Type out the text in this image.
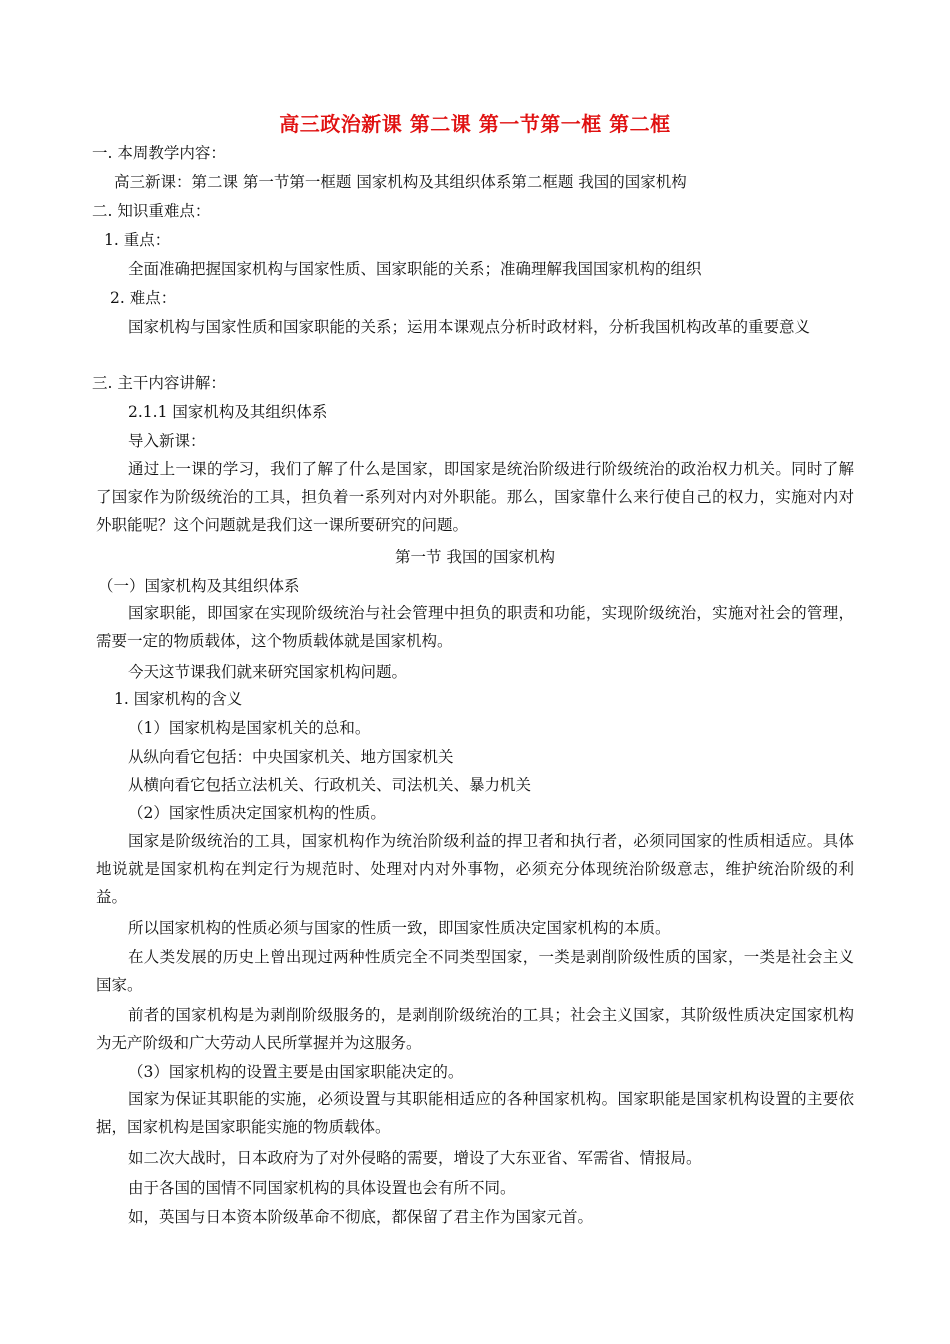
高三政治新课 第二课 第一节第一框 第二框
一. 本周教学内容：
高三新课：第二课 第一节第一框题 国家机构及其组织体系第二框题 我国的国家机构
二. 知识重难点：
1. 重点：
全面准确把握国家机构与国家性质、国家职能的关系；准确理解我国国家机构的组织
2. 难点：
国家机构与国家性质和国家职能的关系；运用本课观点分析时政材料，分析我国机构改革的重要意义
三. 主干内容讲解：
2.1.1 国家机构及其组织体系
导入新课：
通过上一课的学习，我们了解了什么是国家，即国家是统治阶级进行阶级统治的政治权力机关。同时了解了国家作为阶级统治的工具，担负着一系列对内对外职能。那么，国家靠什么来行使自己的权力，实施对内对外职能呢？这个问题就是我们这一课所要研究的问题。
第一节 我国的国家机构
（一）国家机构及其组织体系
国家职能，即国家在实现阶级统治与社会管理中担负的职责和功能，实现阶级统治，实施对社会的管理，需要一定的物质载体，这个物质载体就是国家机构。
今天这节课我们就来研究国家机构问题。
1. 国家机构的含义
（1）国家机构是国家机关的总和。
从纵向看它包括：中央国家机关、地方国家机关
从横向看它包括立法机关、行政机关、司法机关、暴力机关
（2）国家性质决定国家机构的性质。
国家是阶级统治的工具，国家机构作为统治阶级利益的捍卫者和执行者，必须同国家的性质相适应。具体地说就是国家机构在判定行为规范时、处理对内对外事物，必须充分体现统治阶级意志，维护统治阶级的利益。
所以国家机构的性质必须与国家的性质一致，即国家性质决定国家机构的本质。
在人类发展的历史上曾出现过两种性质完全不同类型国家，一类是剥削阶级性质的国家，一类是社会主义国家。
前者的国家机构是为剥削阶级服务的，是剥削阶级统治的工具；社会主义国家，其阶级性质决定国家机构为无产阶级和广大劳动人民所掌握并为这服务。
（3）国家机构的设置主要是由国家职能决定的。
国家为保证其职能的实施，必须设置与其职能相适应的各种国家机构。国家职能是国家机构设置的主要依据，国家机构是国家职能实施的物质载体。
如二次大战时，日本政府为了对外侵略的需要，增设了大东亚省、军需省、情报局。
由于各国的国情不同国家机构的具体设置也会有所不同。
如，英国与日本资本阶级革命不彻底，都保留了君主作为国家元首。
